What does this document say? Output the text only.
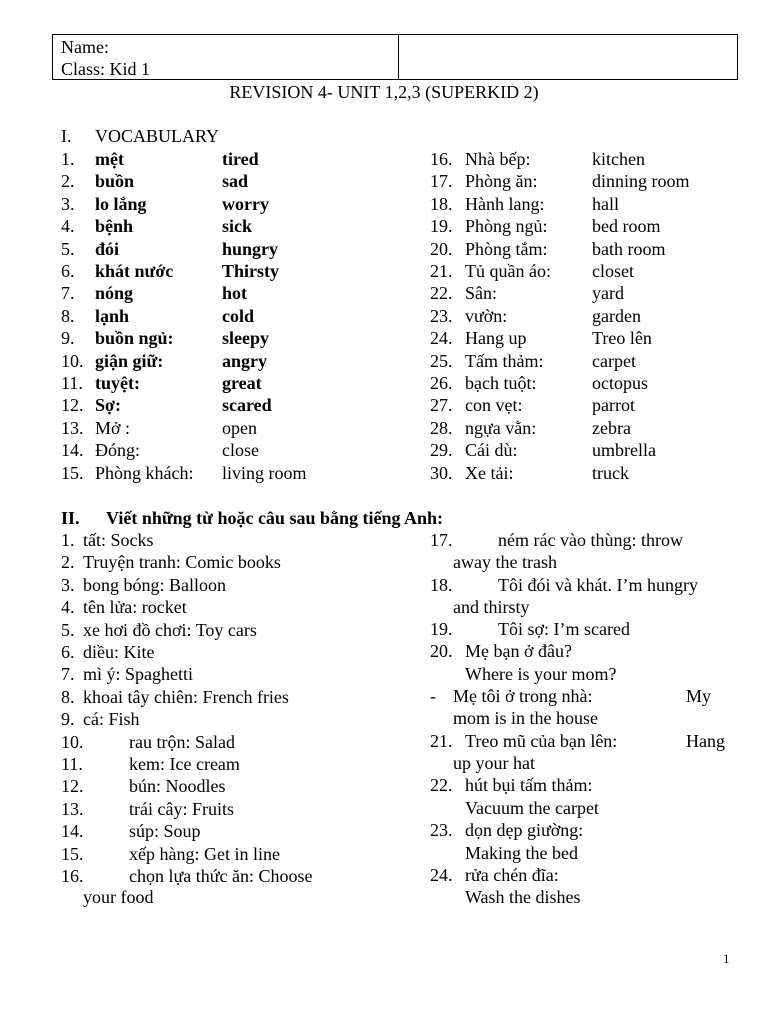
Name:
Class: Kid 1
REVISION 4- UNIT 1,2,3 (SUPERKID 2)
I. VOCABULARY
1. mệt	tired
2. buồn	sad
3. lo lắng	worry
4. bệnh	sick
5. đói	hungry
6. khát nước	Thirsty
7. nóng	hot
8. lạnh	cold
9. buồn ngủ:	sleepy
10. giận giữ:	angry
11. tuyệt:	great
12. Sợ:	scared
13. Mở :	open
14. Đóng:	close
15. Phòng khách: living room
16. Nhà bếp:	kitchen
17. Phòng ăn:	dinning room
18. Hành lang:	hall
19. Phòng ngủ: bed room
20. Phòng tắm: bath room
21. Tủ quần áo: closet
22. Sân:	yard
23. vườn:	garden
24. Hang up	Treo lên
25. Tấm thảm:	carpet
26. bạch tuột:	octopus
27. con vẹt:	parrot
28. ngựa vằn:	zebra
29. Cái dù:	umbrella
30. Xe tải:	truck
II. Viết những từ hoặc câu sau bằng tiếng Anh:
1. tất: Socks
2. Truyện tranh: Comic books
3. bong bóng: Balloon
4. tên lửa: rocket
5. xe hơi đồ chơi: Toy cars
6. diều: Kite
7. mì ý: Spaghetti
8. khoai tây chiên: French fries
9. cá: Fish
10.	rau trộn: Salad
11.	kem: Ice cream
12.	bún: Noodles
13.	trái cây: Fruits
14.	súp: Soup
15.	xếp hàng: Get in line
16.	chọn lựa thức ăn: Choose
your food
17.	ném rác vào thùng: throw
away the trash
18.	Tôi đói và khát. I’m hungry
and thirsty
19.	Tôi sợ: I’m scared
20. Mẹ bạn ở đâu?
Where is your mom?
- Mẹ tôi ở trong nhà:	My
mom is in the house
21. Treo mũ của bạn lên:	Hang
up your hat
22. hút bụi tấm thảm:
Vacuum the carpet
23. dọn dẹp giường:
Making the bed
24. rửa chén đĩa:
Wash the dishes
1
